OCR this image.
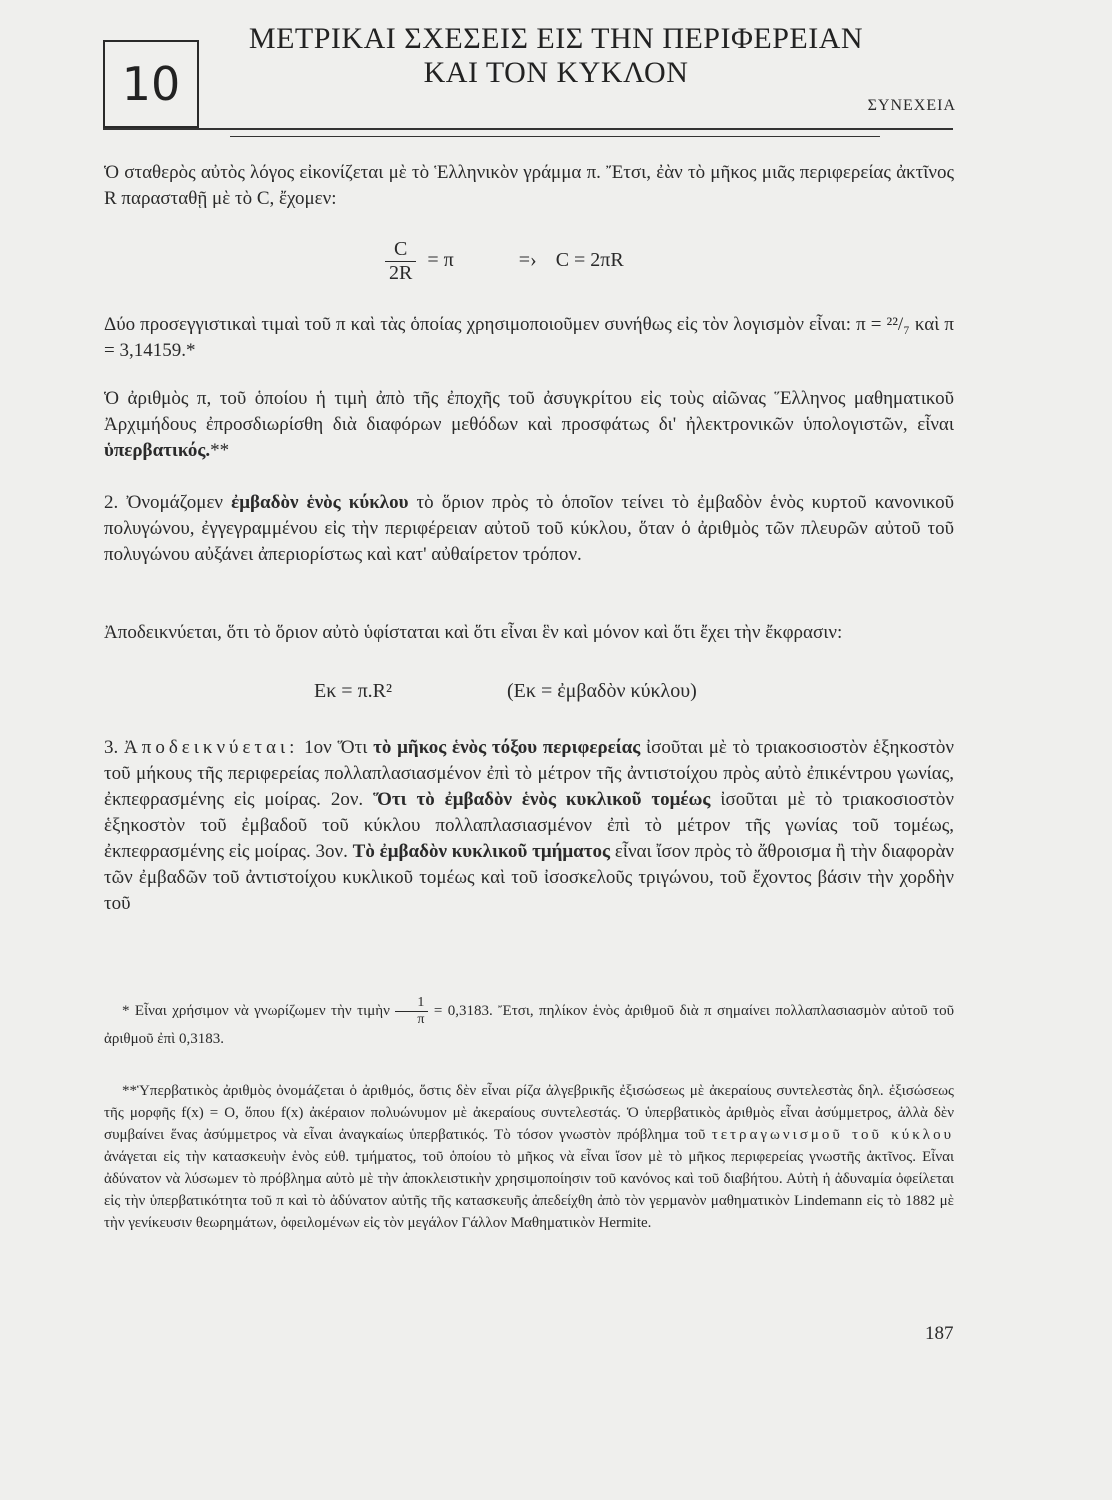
10
ΜΕΤΡΙΚΑΙ ΣΧΕΣΕΙΣ ΕΙΣ ΤΗΝ ΠΕΡΙΦΕΡΕΙΑΝ
ΚΑΙ ΤΟΝ ΚΥΚΛΟΝ
ΣΥΝΕΧΕΙΑ

Ὁ σταθερὸς αὐτὸς λόγος εἰκονίζεται μὲ τὸ Ἑλληνικὸν γράμμα π. Ἔτσι, ἐὰν τὸ μῆκος μιᾶς περιφερείας ἀκτῖνος R παρασταθῇ μὲ τὸ C, ἔχομεν:

$\frac{C}{2R} = \pi$	=› C = 2πR

Δύο προσεγγιστικαὶ τιμαὶ τοῦ π καὶ τὰς ὁποίας χρησιμοποιοῦμεν συνήθως εἰς τὸν λογισμὸν εἶναι: π = ²²/₇ καὶ π = 3,14159.*

Ὁ ἀριθμὸς π, τοῦ ὁποίου ἡ τιμὴ ἀπὸ τῆς ἐποχῆς τοῦ ἀσυγκρίτου εἰς τοὺς αἰῶνας Ἕλληνος μαθηματικοῦ Ἀρχιμήδους ἐπροσδιωρίσθη διὰ διαφόρων μεθόδων καὶ προσφάτως δι' ἠλεκτρονικῶν ὑπολογιστῶν, εἶναι ὑπερβατικός.**

2. Ὀνομάζομεν ἐμβαδὸν ἑνὸς κύκλου τὸ ὅριον πρὸς τὸ ὁποῖον τείνει τὸ ἐμβαδὸν ἑνὸς κυρτοῦ κανονικοῦ πολυγώνου, ἐγγεγραμμένου εἰς τὴν περιφέρειαν αὐτοῦ τοῦ κύκλου, ὅταν ὁ ἀριθμὸς τῶν πλευρῶν αὐτοῦ τοῦ πολυγώνου αὐξάνει ἀπεριορίστως καὶ κατ' αὐθαίρετον τρόπον.

Ἀποδεικνύεται, ὅτι τὸ ὅριον αὐτὸ ὑφίσταται καὶ ὅτι εἶναι ἓν καὶ μόνον καὶ ὅτι ἔχει τὴν ἔκφρασιν:

Eκ = π.R²	(Eκ = ἐμβαδὸν κύκλου)

3. Ἀποδεικνύεται: 1ον Ὅτι τὸ μῆκος ἑνὸς τόξου περιφερείας ἰσοῦται μὲ τὸ τριακοσιοστὸν ἑξηκοστὸν τοῦ μήκους τῆς περιφερείας πολλαπλασιασμένον ἐπὶ τὸ μέτρον τῆς ἀντιστοίχου πρὸς αὐτὸ ἐπικέντρου γωνίας, ἐκπεφρασμένης εἰς μοίρας. 2ον. Ὅτι τὸ ἐμβαδὸν ἑνὸς κυκλικοῦ τομέως ἰσοῦται μὲ τὸ τριακοσιοστὸν ἑξηκοστὸν τοῦ ἐμβαδοῦ τοῦ κύκλου πολλαπλασιασμένον ἐπὶ τὸ μέτρον τῆς γωνίας τοῦ τομέως, ἐκπεφρασμένης εἰς μοίρας. 3ον. Τὸ ἐμβαδὸν κυκλικοῦ τμήματος εἶναι ἴσον πρὸς τὸ ἄθροισμα ἢ τὴν διαφορὰν τῶν ἐμβαδῶν τοῦ ἀντιστοίχου κυκλικοῦ τομέως καὶ τοῦ ἰσοσκελοῦς τριγώνου, τοῦ ἔχοντος βάσιν τὴν χορδὴν τοῦ

* Εἶναι χρήσιμον νὰ γνωρίζωμεν τὴν τιμὴν $\frac{1}{\pi} = 0,3183$. Ἔτσι, πηλίκον ἑνὸς ἀριθμοῦ διὰ π σημαίνει πολλαπλασιασμὸν αὐτοῦ τοῦ ἀριθμοῦ ἐπὶ 0,3183.

**Ὑπερβατικὸς ἀριθμὸς ὀνομάζεται ὁ ἀριθμός, ὅστις δὲν εἶναι ρίζα ἀλγεβρικῆς ἐξισώσεως μὲ ἀκεραίους συντελεστὰς δηλ. ἐξισώσεως τῆς μορφῆς f(x) = O, ὅπου f(x) ἀκέραιον πολυώνυμον μὲ ἀκεραίους συντελεστάς. Ὁ ὑπερβατικὸς ἀριθμὸς εἶναι ἀσύμμετρος, ἀλλὰ δὲν συμβαίνει ἕνας ἀσύμμετρος νὰ εἶναι ἀναγκαίως ὑπερβατικός. Τὸ τόσον γνωστὸν πρόβλημα τοῦ τετραγωνισμοῦ τοῦ κύκλου ἀνάγεται εἰς τὴν κατασκευὴν ἑνὸς εὐθ. τμήματος, τοῦ ὁποίου τὸ μῆκος νὰ εἶναι ἴσον μὲ τὸ μῆκος περιφερείας γνωστῆς ἀκτῖνος. Εἶναι ἀδύνατον νὰ λύσωμεν τὸ πρόβλημα αὐτὸ μὲ τὴν ἀποκλειστικὴν χρησιμοποίησιν τοῦ κανόνος καὶ τοῦ διαβήτου. Αὐτὴ ἡ ἀδυναμία ὀφείλεται εἰς τὴν ὑπερβατικότητα τοῦ π καὶ τὸ ἀδύνατον αὐτῆς τῆς κατασκευῆς ἀπεδείχθη ἀπὸ τὸν γερμανὸν μαθηματικὸν Lindemann εἰς τὸ 1882 μὲ τὴν γενίκευσιν θεωρημάτων, ὀφειλομένων εἰς τὸν μεγάλον Γάλλον Μαθηματικὸν Hermite.

187
